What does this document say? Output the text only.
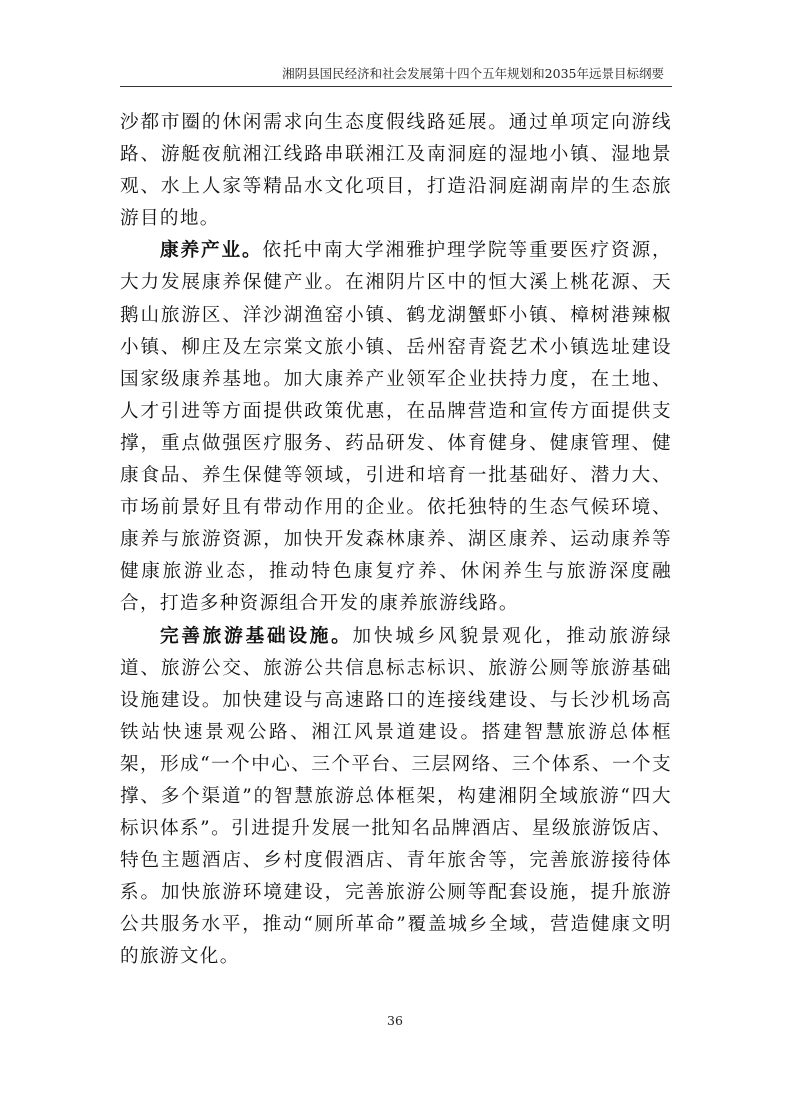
湘阴县国民经济和社会发展第十四个五年规划和2035年远景目标纲要

沙都市圈的休闲需求向生态度假线路延展。通过单项定向游线路、游艇夜航湘江线路串联湘江及南洞庭的湿地小镇、湿地景观、水上人家等精品水文化项目，打造沿洞庭湖南岸的生态旅游目的地。

康养产业。依托中南大学湘雅护理学院等重要医疗资源，大力发展康养保健产业。在湘阴片区中的恒大溪上桃花源、天鹅山旅游区、洋沙湖渔窑小镇、鹤龙湖蟹虾小镇、樟树港辣椒小镇、柳庄及左宗棠文旅小镇、岳州窑青瓷艺术小镇选址建设国家级康养基地。加大康养产业领军企业扶持力度，在土地、人才引进等方面提供政策优惠，在品牌营造和宣传方面提供支撑，重点做强医疗服务、药品研发、体育健身、健康管理、健康食品、养生保健等领域，引进和培育一批基础好、潜力大、市场前景好且有带动作用的企业。依托独特的生态气候环境、康养与旅游资源，加快开发森林康养、湖区康养、运动康养等健康旅游业态，推动特色康复疗养、休闲养生与旅游深度融合，打造多种资源组合开发的康养旅游线路。

完善旅游基础设施。加快城乡风貌景观化，推动旅游绿道、旅游公交、旅游公共信息标志标识、旅游公厕等旅游基础设施建设。加快建设与高速路口的连接线建设、与长沙机场高铁站快速景观公路、湘江风景道建设。搭建智慧旅游总体框架，形成“一个中心、三个平台、三层网络、三个体系、一个支撑、多个渠道”的智慧旅游总体框架，构建湘阴全域旅游“四大标识体系”。引进提升发展一批知名品牌酒店、星级旅游饭店、特色主题酒店、乡村度假酒店、青年旅舍等，完善旅游接待体系。加快旅游环境建设，完善旅游公厕等配套设施，提升旅游公共服务水平，推动“厕所革命”覆盖城乡全域，营造健康文明的旅游文化。

36
